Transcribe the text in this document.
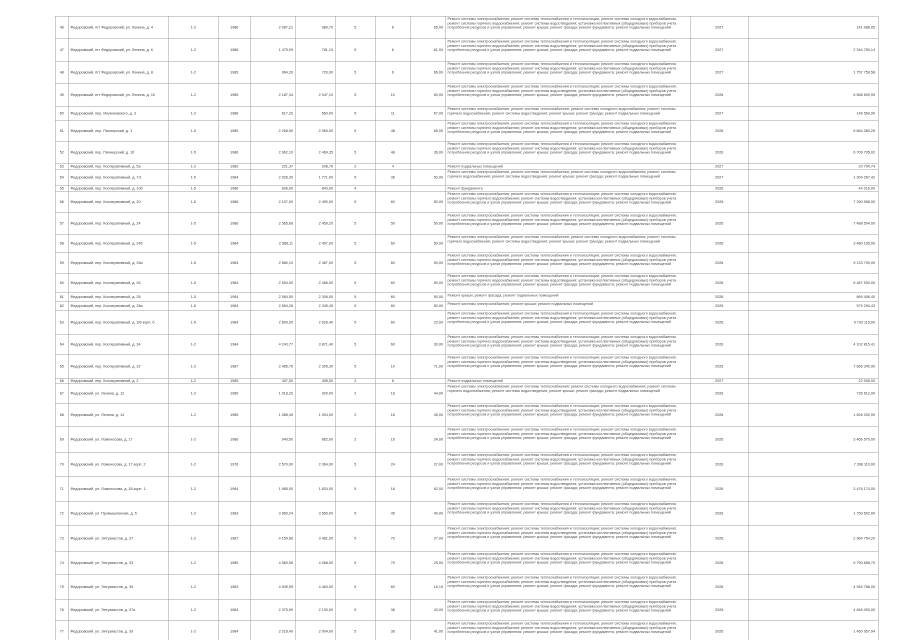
46	Федоровский, пгт Федоровский, ул. Ленина, д. 4	1-2	1986	2 087,21	980,70	5	6	65,00	Ремонт системы электроснабжения; ремонт системы теплоснабжения и теплоизоляции; ремонт системы холодного водоснабжения; ремонт системы горячего водоснабжения; ремонт системы водоотведения; установка коллективных (общедомовых) приборов учета потребления ресурсов и узлов управления; ремонт крыши; ремонт фасада; ремонт фундамента; ремонт подвальных помещений	2027	141 088,05

47	Федоровский, пгт Федоровский, ул. Ленина, д. 6	1-2	1986	1 475,09	781,10	5	6	61,00	Ремонт системы электроснабжения; ремонт системы теплоснабжения и теплоизоляции; ремонт системы холодного водоснабжения; ремонт системы горячего водоснабжения; ремонт системы водоотведения; установка коллективных (общедомовых) приборов учета потребления ресурсов и узлов управления; ремонт крыши; ремонт фасада; ремонт фундамента; ремонт подвальных помещений	2027	2 344 750,14

48	Федоровский, пгт Федоровский, ул. Ленина, д. 8	1-2	1985	964,20	720,00	5	6	66,00	Ремонт системы электроснабжения; ремонт системы теплоснабжения и теплоизоляции; ремонт системы холодного водоснабжения; ремонт системы горячего водоснабжения; ремонт системы водоотведения; установка коллективных (общедомовых) приборов учета потребления ресурсов и узлов управления; ремонт крыши; ремонт фасада; ремонт фундамента; ремонт подвальных помещений	2027	1 757 759,58

49	Федоровский, пгт Федоровский, ул. Ленина, д. 10	1-2	1985	2 187,34	2 047,10	5	10	60,00	Ремонт системы электроснабжения; ремонт системы теплоснабжения и теплоизоляции; ремонт системы холодного водоснабжения; ремонт системы горячего водоснабжения; ремонт системы водоотведения; установка коллективных (общедомовых) приборов учета потребления ресурсов и узлов управления; ремонт крыши; ремонт фасада; ремонт фундамента; ремонт подвальных помещений	2026	6 568 500,95

50	Федоровский, пер. Малиновского, д. 3	1-2	1986	617,20	560,00	5	11	67,00	Ремонт системы электроснабжения; ремонт системы теплоснабжения; ремонт системы холодного водоснабжения; ремонт системы горячего водоснабжения; ремонт системы водоотведения; ремонт крыши; ремонт фасада; ремонт подвальных помещений	2027	146 569,90

51	Федоровский, пер. Пионерский, д. 1	1-5	1985	2 258,90	2 060,00	5	48	65,00	Ремонт системы электроснабжения; ремонт системы теплоснабжения и теплоизоляции; ремонт системы холодного водоснабжения; ремонт системы горячего водоснабжения; ремонт системы водоотведения; установка коллективных (общедомовых) приборов учета потребления ресурсов и узлов управления; ремонт крыши; ремонт фасада; ремонт фундамента; ремонт подвальных помещений	2026	6 664 360,25

52	Федоровский, пер. Пионерский, д. 1б	1-5	1986	2 962,10	2 469,35	5	48	36,00	Ремонт системы электроснабжения; ремонт системы теплоснабжения и теплоизоляции; ремонт системы холодного водоснабжения; ремонт системы горячего водоснабжения; ремонт системы водоотведения; установка коллективных (общедомовых) приборов учета потребления ресурсов и узлов управления; ремонт крыши; ремонт фасада; ремонт фундамента; ремонт подвальных помещений	2026	6 706 795,02

53	Федоровский, пер. Кооперативный, д. 5а	1-2	1982	221,37	208,70	2	4		Ремонт подвальных помещений	2027	20 794,74

54	Федоровский, пер. Кооперативный, д. 7/1	1-5	1984	2 026,30	1 771,00	5	36	50,00	Ремонт системы электроснабжения; ремонт системы теплоснабжения; ремонт системы холодного водоснабжения; ремонт системы горячего водоснабжения; ремонт системы водоотведения; ремонт крыши; ремонт фасада; ремонт подвальных помещений	2027	1 304 267,42

55	Федоровский, пер. Кооперативный, д. 10б	1-5	1986	836,00	843,00	4			Ремонт фундамента	2026	44 216,00

56	Федоровский, пер. Кооперативный, д. 20	1-5	1986	2 107,00	2 490,00	5	60	50,00	Ремонт системы электроснабжения; ремонт системы теплоснабжения и теплоизоляции; ремонт системы холодного водоснабжения; ремонт системы горячего водоснабжения; ремонт системы водоотведения; установка коллективных (общедомовых) приборов учета потребления ресурсов и узлов управления; ремонт крыши; ремонт фасада; ремонт фундамента; ремонт подвальных помещений	2026	7 390 958,00

57	Федоровский, пер. Кооперативный, д. 24	1-5	1986	2 565,66	2 459,20	5	50	50,00	Ремонт системы электроснабжения; ремонт системы теплоснабжения и теплоизоляции; ремонт системы холодного водоснабжения; ремонт системы горячего водоснабжения; ремонт системы водоотведения; установка коллективных (общедомовых) приборов учета потребления ресурсов и узлов управления; ремонт крыши; ремонт фасада; ремонт фундамента; ремонт подвальных помещений	2026	7 488 594,00

58	Федоровский, пер. Кооперативный, д. 24б	1-5	1984	2 586,11	2 407,00	5	60	50,00	Ремонт системы электроснабжения; ремонт системы теплоснабжения; ремонт системы холодного водоснабжения; ремонт системы горячего водоснабжения; ремонт системы водоотведения; ремонт крыши; ремонт фасада; ремонт подвальных помещений	2026	3 480 195,00

59	Федоровский, пер. Кооперативный, д. 26а	1-5	1984	2 880,10	2 467,00	5	60	50,00	Ремонт системы электроснабжения; ремонт системы теплоснабжения и теплоизоляции; ремонт системы холодного водоснабжения; ремонт системы горячего водоснабжения; ремонт системы водоотведения; установка коллективных (общедомовых) приборов учета потребления ресурсов и узлов управления; ремонт крыши; ремонт фасада; ремонт фундамента; ремонт подвальных помещений	2026	9 133 790,00

60	Федоровский, пер. Кооперативный, д. 26	1-5	1984	2 594,00	2 466,00	5	60	50,00	Ремонт системы электроснабжения; ремонт системы теплоснабжения и теплоизоляции; ремонт системы холодного водоснабжения; ремонт системы горячего водоснабжения; ремонт системы водоотведения; установка коллективных (общедомовых) приборов учета потребления ресурсов и узлов управления; ремонт крыши; ремонт фасада; ремонт фундамента; ремонт подвальных помещений	2026	6 487 930,00

61	Федоровский, пер. Кооперативный, д. 28	1-5	1984	2 584,50	2 306,00	5	60	50,00	Ремонт крыши; ремонт фасада; ремонт подвальных помещений	2026	669 406,40

62	Федоровский, пер. Кооперативный, д. 28а	1-5	1984	2 594,28	2 345,45	5	60	50,00	Ремонт системы электроснабжения; ремонт крыши; ремонт подвальных помещений	2026	579 294,43

63	Федоровский, пер. Кооперативный, д. 3/6 корп. б	1-5	1984	2 809,00	2 626,40	5	60	22,00	Ремонт системы электроснабжения; ремонт системы теплоснабжения и теплоизоляции; ремонт системы холодного водоснабжения; ремонт системы горячего водоснабжения; ремонт системы водоотведения; установка коллективных (общедомовых) приборов учета потребления ресурсов и узлов управления; ремонт крыши; ремонт фасада; ремонт фундамента; ремонт подвальных помещений	2026	9 793 115,00

64	Федоровский, пер. Кооперативный, д. 34	1-2	1984	4 243,77	3 871,40	5	60	30,00	Ремонт системы электроснабжения; ремонт системы теплоснабжения и теплоизоляции; ремонт системы холодного водоснабжения; ремонт системы горячего водоснабжения; ремонт системы водоотведения; установка коллективных (общедомовых) приборов учета потребления ресурсов и узлов управления; ремонт крыши; ремонт фасада; ремонт фундамента; ремонт подвальных помещений	2026	4 102 815,41

65	Федоровский, пер. Кооперативный, д. 32	1-2	1987	2 485,76	2 305,30	5	10	71,00	Ремонт системы электроснабжения; ремонт системы теплоснабжения и теплоизоляции; ремонт системы холодного водоснабжения; ремонт системы горячего водоснабжения; ремонт системы водоотведения; установка коллективных (общедомовых) приборов учета потребления ресурсов и узлов управления; ремонт крыши; ремонт фасада; ремонт фундамента; ремонт подвальных помещений	2026	7 666 340,90

66	Федоровский, пер. Кооперативный, д. 2	1-2	1985	437,00	408,00	2	8		Ремонт подвальных помещений	2027	22 006,00

67	Федоровский, ул. Ленина, д. 12	1-2	1985	1 018,20	920,00	2	16	44,00	Ремонт системы электроснабжения; ремонт системы теплоснабжения; ремонт системы холодного водоснабжения; ремонт системы горячего водоснабжения; ремонт системы водоотведения; ремонт крыши; ремонт фасада; ремонт подвальных помещений	2026	735 612,00

68	Федоровский, ул. Ленина, д. 14	1-2	1985	1 088,45	1 004,00	2	16	45,00	Ремонт системы электроснабжения; ремонт системы теплоснабжения и теплоизоляции; ремонт системы холодного водоснабжения; ремонт системы горячего водоснабжения; ремонт системы водоотведения; установка коллективных (общедомовых) приборов учета потребления ресурсов и узлов управления; ремонт крыши; ремонт фасада; ремонт фундамента; ремонт подвальных помещений	2026	1 626 030,00

69	Федоровский, ул. Ломоносова, д. 17	1-2	1986	940,50	862,00	2	16	34,00	Ремонт системы электроснабжения; ремонт системы теплоснабжения и теплоизоляции; ремонт системы холодного водоснабжения; ремонт системы горячего водоснабжения; ремонт системы водоотведения; установка коллективных (общедомовых) приборов учета потребления ресурсов и узлов управления; ремонт крыши; ремонт фасада; ремонт фундамента; ремонт подвальных помещений	2026	3 466 570,00

70	Федоровский, ул. Ломоносова, д. 17 корп. 2	1-2	1976	2 570,00	2 364,00	5	24	27,00	Ремонт системы электроснабжения; ремонт системы теплоснабжения и теплоизоляции; ремонт системы холодного водоснабжения; ремонт системы горячего водоснабжения; ремонт системы водоотведения; установка коллективных (общедомовых) приборов учета потребления ресурсов и узлов управления; ремонт крыши; ремонт фасада; ремонт фундамента; ремонт подвальных помещений	2026	7 308 110,00

71	Федоровский, ул. Ломоносова, д. 18 корп. 1	1-2	1984	1 985,00	1 824,00	5	16	62,00	Ремонт системы электроснабжения; ремонт системы теплоснабжения и теплоизоляции; ремонт системы холодного водоснабжения; ремонт системы горячего водоснабжения; ремонт системы водоотведения; установка коллективных (общедомовых) приборов учета потребления ресурсов и узлов управления; ремонт крыши; ремонт фасада; ремонт фундамента; ремонт подвальных помещений	2026	3 476 174,00

72	Федоровский, ул. Промышленная, д. 5	1-2	1983	3 859,24	3 560,00	5	45	40,00	Ремонт системы электроснабжения; ремонт системы теплоснабжения и теплоизоляции; ремонт системы холодного водоснабжения; ремонт системы горячего водоснабжения; ремонт системы водоотведения; установка коллективных (общедомовых) приборов учета потребления ресурсов и узлов управления; ремонт крыши; ремонт фасада; ремонт фундамента; ремонт подвальных помещений	2026	1 750 502,00

73	Федоровский, ул. Энтузиастов, д. 37	1-2	1987	4 154,66	3 461,00	5	70	27,00	Ремонт системы электроснабжения; ремонт системы теплоснабжения и теплоизоляции; ремонт системы холодного водоснабжения; ремонт системы горячего водоснабжения; ремонт системы водоотведения; установка коллективных (общедомовых) приборов учета потребления ресурсов и узлов управления; ремонт крыши; ремонт фасада; ремонт фундамента; ремонт подвальных помещений	2026	2 964 754,20

74	Федоровский, ул. Энтузиастов, д. 33	1-2	1985	4 560,56	4 068,00	5	70	25,00	Ремонт системы электроснабжения; ремонт системы теплоснабжения и теплоизоляции; ремонт системы холодного водоснабжения; ремонт системы горячего водоснабжения; ремонт системы водоотведения; установка коллективных (общедомовых) приборов учета потребления ресурсов и узлов управления; ремонт крыши; ремонт фасада; ремонт фундамента; ремонт подвальных помещений	2026	9 790 658,70

75	Федоровский, ул. Энтузиастов, д. 35	1-2	1983	4 949,95	4 463,00	5	60	16,10	Ремонт системы электроснабжения; ремонт системы теплоснабжения и теплоизоляции; ремонт системы холодного водоснабжения; ремонт системы горячего водоснабжения; ремонт системы водоотведения; установка коллективных (общедомовых) приборов учета потребления ресурсов и узлов управления; ремонт крыши; ремонт фасада; ремонт фундамента; ремонт подвальных помещений	2026	4 949 786,00

76	Федоровский, ул. Энтузиастов, д. 37а	1-2	1984	2 375,90	2 130,00	5	36	43,00	Ремонт системы электроснабжения; ремонт системы теплоснабжения и теплоизоляции; ремонт системы холодного водоснабжения; ремонт системы горячего водоснабжения; ремонт системы водоотведения; установка коллективных (общедомовых) приборов учета потребления ресурсов и узлов управления; ремонт крыши; ремонт фасада; ремонт фундамента; ремонт подвальных помещений	2026	4 845 093,00

77	Федоровский, ул. Энтузиастов, д. 39	1-2	1984	2 218,40	2 004,00	5	36	41,00	Ремонт системы электроснабжения; ремонт системы теплоснабжения и теплоизоляции; ремонт системы холодного водоснабжения; ремонт системы горячего водоснабжения; ремонт системы водоотведения; установка коллективных (общедомовых) приборов учета потребления ресурсов и узлов управления; ремонт крыши; ремонт фасада; ремонт фундамента; ремонт подвальных помещений	2026	1 460 957,94
